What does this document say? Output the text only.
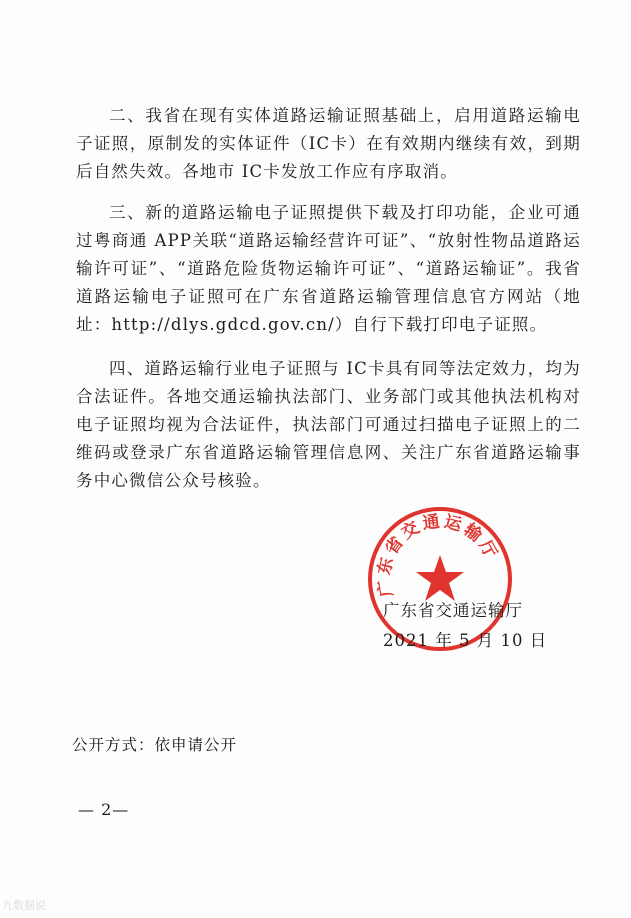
二、我省在现有实体道路运输证照基础上，启用道路运输电子证照，原制发的实体证件（IC卡）在有效期内继续有效，到期后自然失效。各地市 IC卡发放工作应有序取消。

三、新的道路运输电子证照提供下载及打印功能，企业可通过粤商通 APP关联“道路运输经营许可证”、“放射性物品道路运输许可证”、“道路危险货物运输许可证”、“道路运输证”。我省道路运输电子证照可在广东省道路运输管理信息官方网站（地址：http://dlys.gdcd.gov.cn/）自行下载打印电子证照。

四、道路运输行业电子证照与 IC卡具有同等法定效力，均为合法证件。各地交通运输执法部门、业务部门或其他执法机构对电子证照均视为合法证件，执法部门可通过扫描电子证照上的二维码或登录广东省道路运输管理信息网、关注广东省道路运输事务中心微信公众号核验。

广东省交通运输厅
广东省交通运输厅
2021 年 5 月 10 日
公开方式：依申请公开
— 2—
九数据说
